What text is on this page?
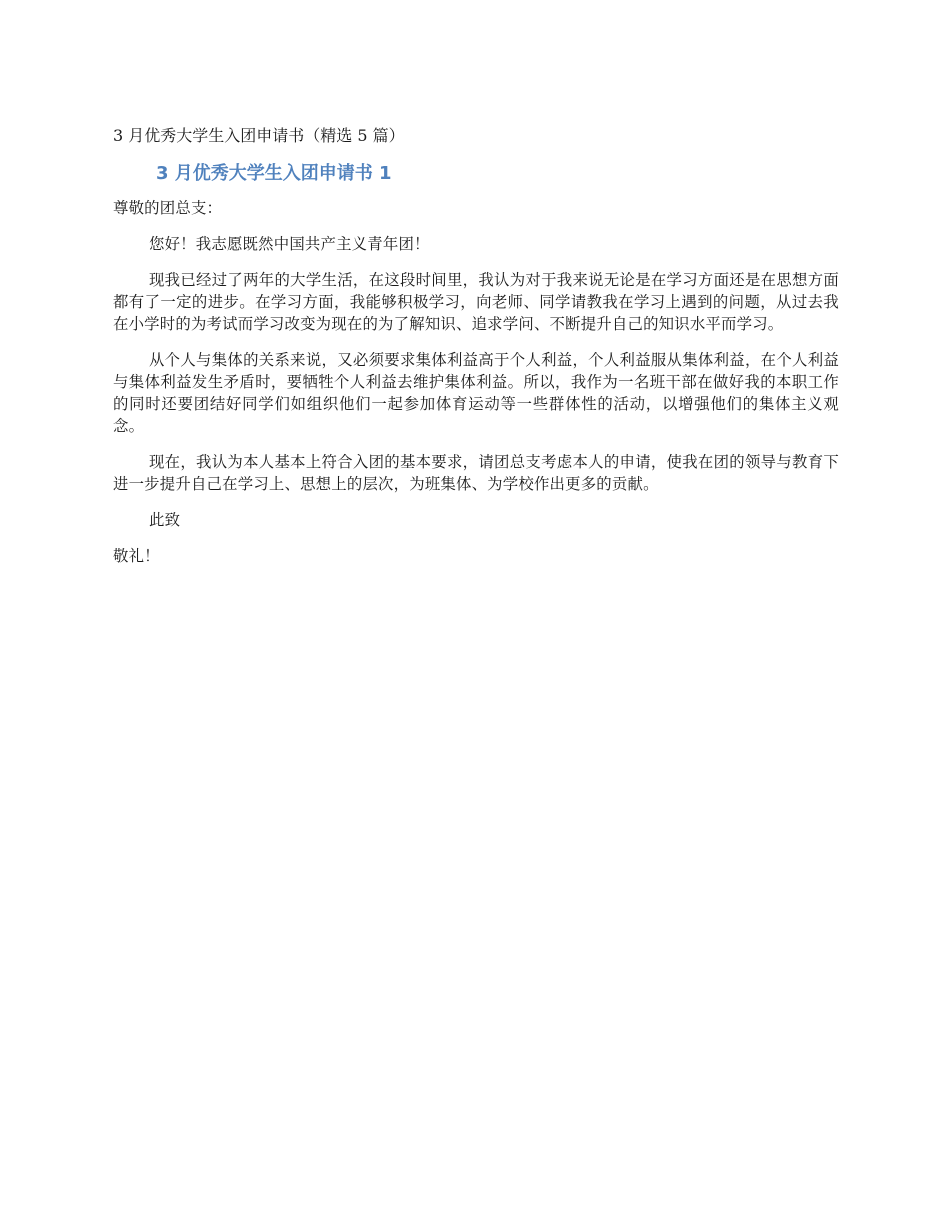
3 月优秀大学生入团申请书（精选 5 篇）
3 月优秀大学生入团申请书 1
尊敬的团总支：
您好！我志愿既然中国共产主义青年团！
现我已经过了两年的大学生活，在这段时间里，我认为对于我来说无论是在学习方面还是在思想方面都有了一定的进步。在学习方面，我能够积极学习，向老师、同学请教我在学习上遇到的问题，从过去我在小学时的为考试而学习改变为现在的为了解知识、追求学问、不断提升自己的知识水平而学习。
从个人与集体的关系来说，又必须要求集体利益高于个人利益，个人利益服从集体利益，在个人利益与集体利益发生矛盾时，要牺牲个人利益去维护集体利益。所以，我作为一名班干部在做好我的本职工作的同时还要团结好同学们如组织他们一起参加体育运动等一些群体性的活动，以增强他们的集体主义观念。
现在，我认为本人基本上符合入团的基本要求，请团总支考虑本人的申请，使我在团的领导与教育下进一步提升自己在学习上、思想上的层次，为班集体、为学校作出更多的贡献。
此致
敬礼！
